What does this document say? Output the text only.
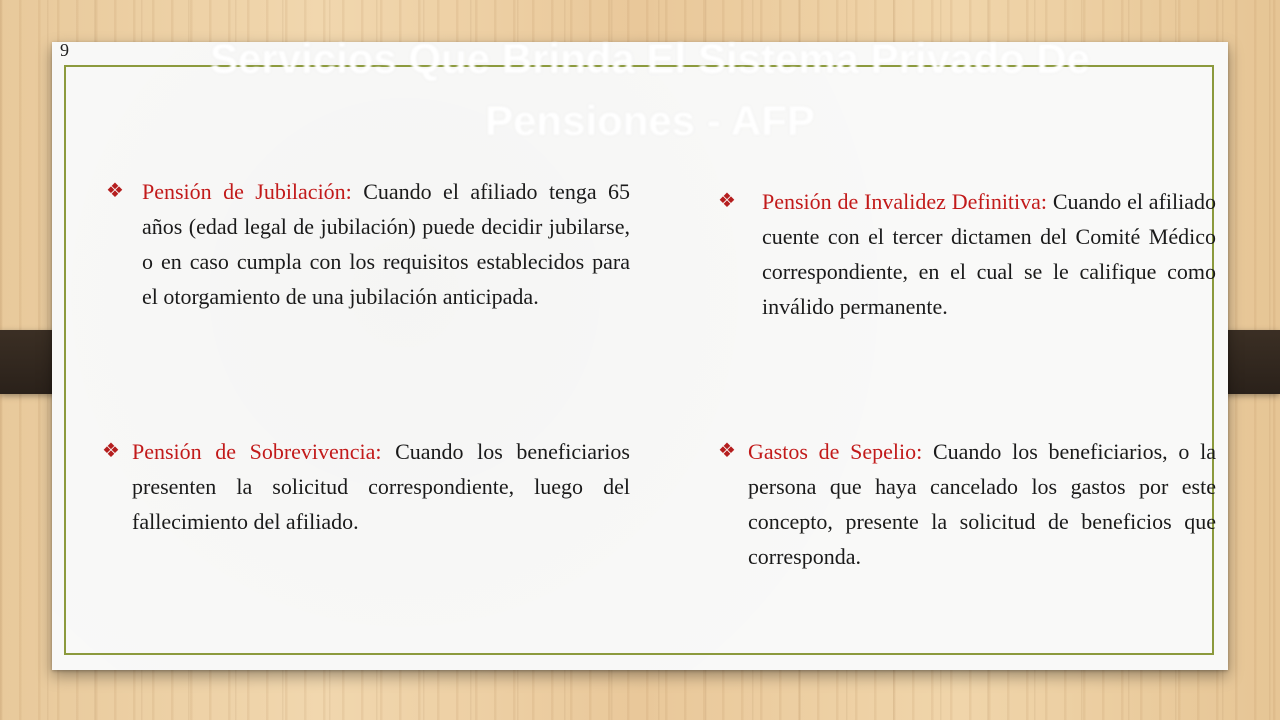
9	Servicios Que Brinda El Sistema Privado De Pensiones - AFP
❖ Pensión de Jubilación: Cuando el afiliado tenga 65 años (edad legal de jubilación) puede decidir jubilarse, o en caso cumpla con los requisitos establecidos para el otorgamiento de una jubilación anticipada.
❖	Pensión de Invalidez Definitiva: Cuando el afiliado cuente con el tercer dictamen del Comité Médico correspondiente, en el cual se le califique como inválido permanente.
❖ Pensión de Sobrevivencia: Cuando los beneficiarios presenten la solicitud correspondiente, luego del fallecimiento del afiliado.
❖ Gastos de Sepelio: Cuando los beneficiarios, o la persona que haya cancelado los gastos por este concepto, presente la solicitud de beneficios que corresponda.
